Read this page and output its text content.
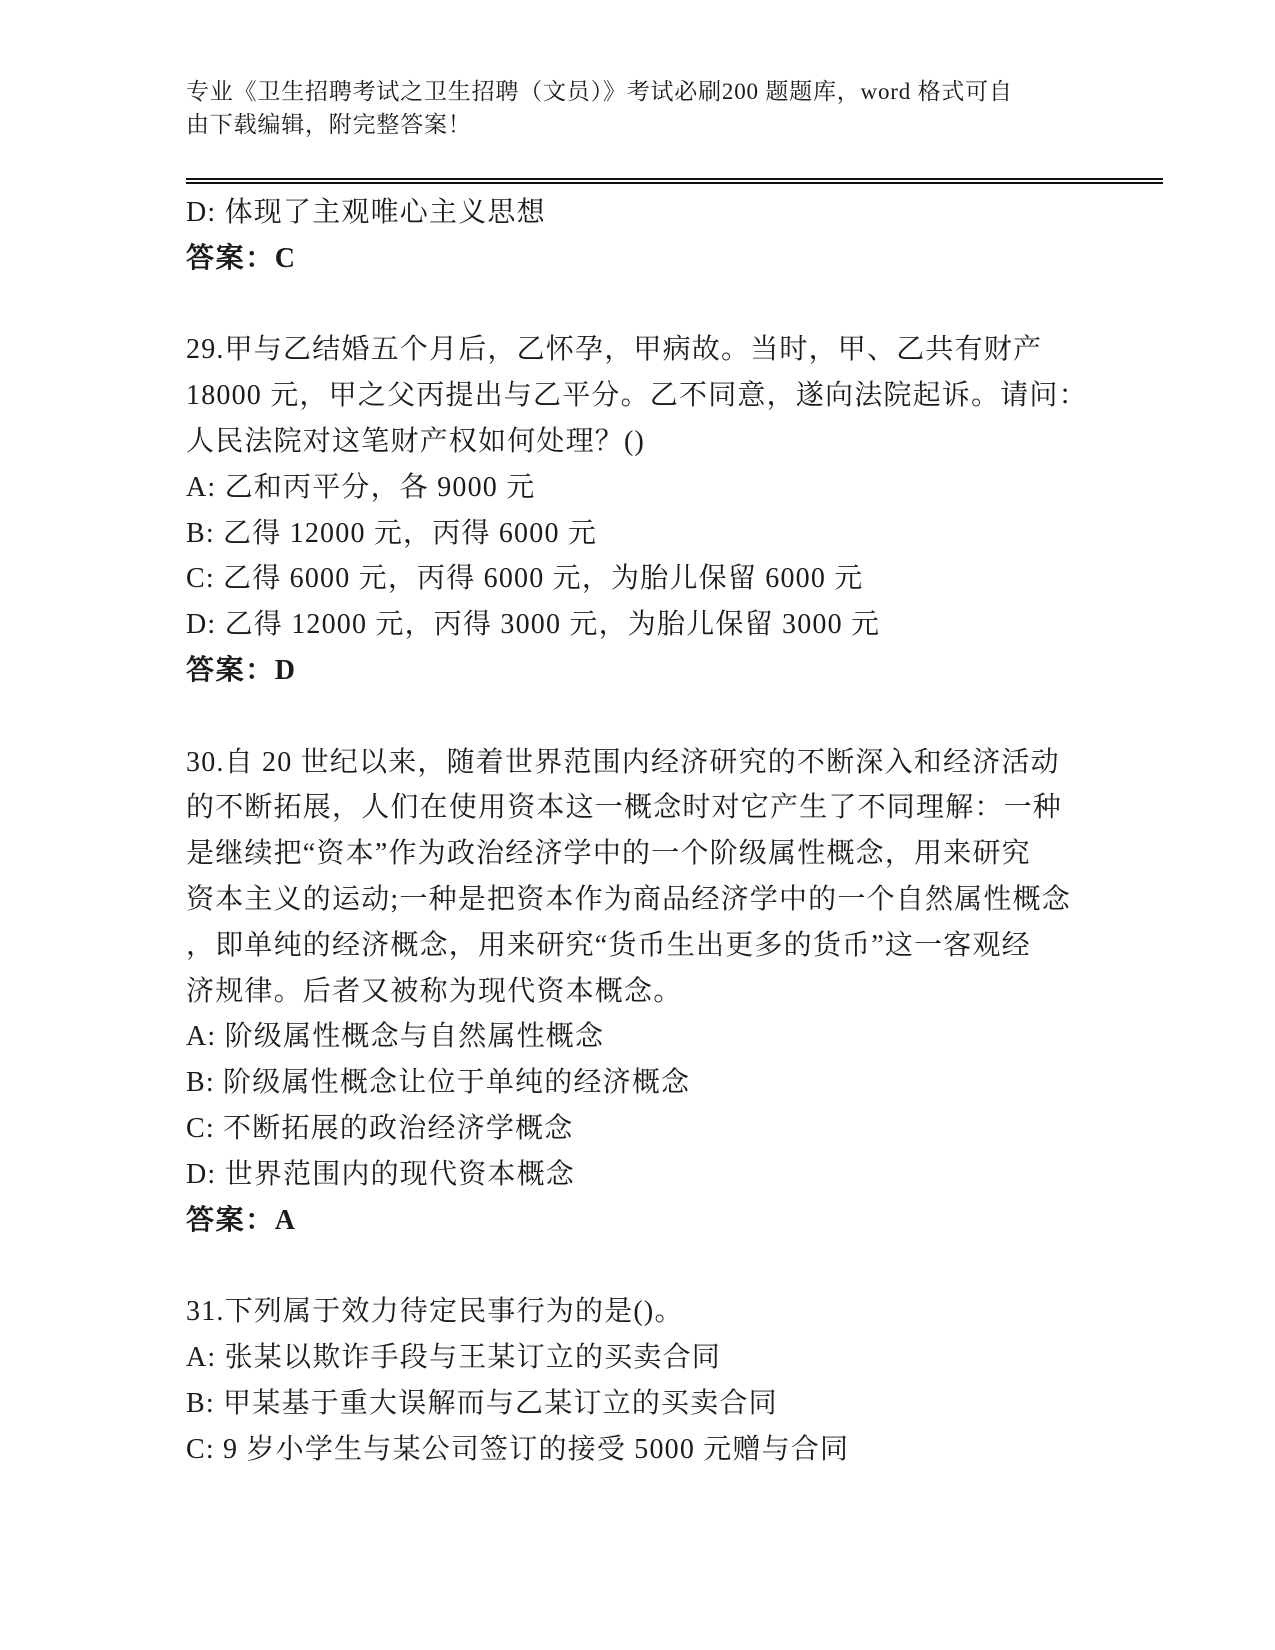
专业《卫生招聘考试之卫生招聘（文员）》考试必刷200 题题库，word 格式可自
由下载编辑，附完整答案！
D: 体现了主观唯心主义思想
答案：C
29.甲与乙结婚五个月后，乙怀孕，甲病故。当时，甲、乙共有财产
18000 元，甲之父丙提出与乙平分。乙不同意，遂向法院起诉。请问：
人民法院对这笔财产权如何处理？()
A: 乙和丙平分，各 9000 元
B: 乙得 12000 元，丙得 6000 元
C: 乙得 6000 元，丙得 6000 元，为胎儿保留 6000 元
D: 乙得 12000 元，丙得 3000 元，为胎儿保留 3000 元
答案：D
30.自 20 世纪以来，随着世界范围内经济研究的不断深入和经济活动
的不断拓展，人们在使用资本这一概念时对它产生了不同理解：一种
是继续把“资本”作为政治经济学中的一个阶级属性概念，用来研究
资本主义的运动;一种是把资本作为商品经济学中的一个自然属性概念
，即单纯的经济概念，用来研究“货币生出更多的货币”这一客观经
济规律。后者又被称为现代资本概念。
A: 阶级属性概念与自然属性概念
B: 阶级属性概念让位于单纯的经济概念
C: 不断拓展的政治经济学概念
D: 世界范围内的现代资本概念
答案：A
31.下列属于效力待定民事行为的是()。
A: 张某以欺诈手段与王某订立的买卖合同
B: 甲某基于重大误解而与乙某订立的买卖合同
C: 9 岁小学生与某公司签订的接受 5000 元赠与合同
